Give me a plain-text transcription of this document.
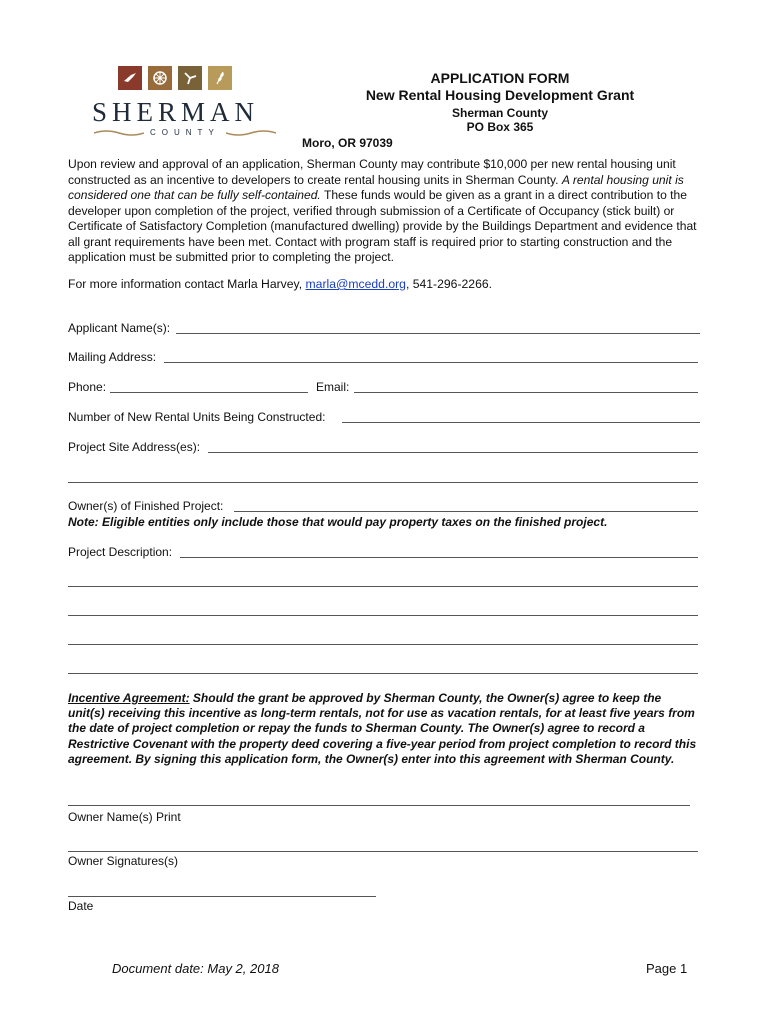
SHERMAN
COUNTY
APPLICATION FORM
New Rental Housing Development Grant
Sherman County
PO Box 365
Moro, OR 97039
Upon review and approval of an application, Sherman County may contribute $10,000 per new rental housing unit constructed as an incentive to developers to create rental housing units in Sherman County. A rental housing unit is considered one that can be fully self-contained. These funds would be given as a grant in a direct contribution to the developer upon completion of the project, verified through submission of a Certificate of Occupancy (stick built) or Certificate of Satisfactory Completion (manufactured dwelling) provide by the Buildings Department and evidence that all grant requirements have been met. Contact with program staff is required prior to starting construction and the application must be submitted prior to completing the project.
For more information contact Marla Harvey, marla@mcedd.org, 541-296-2266.
Applicant Name(s):
Mailing Address:
Phone:	Email:
Number of New Rental Units Being Constructed:
Project Site Address(es):
Owner(s) of Finished Project:
Note: Eligible entities only include those that would pay property taxes on the finished project.
Project Description:
Incentive Agreement: Should the grant be approved by Sherman County, the Owner(s) agree to keep the unit(s) receiving this incentive as long-term rentals, not for use as vacation rentals, for at least five years from the date of project completion or repay the funds to Sherman County. The Owner(s) agree to record a Restrictive Covenant with the property deed covering a five-year period from project completion to record this agreement. By signing this application form, the Owner(s) enter into this agreement with Sherman County.
Owner Name(s) Print
Owner Signatures(s)
Date
Document date: May 2, 2018	Page 1
